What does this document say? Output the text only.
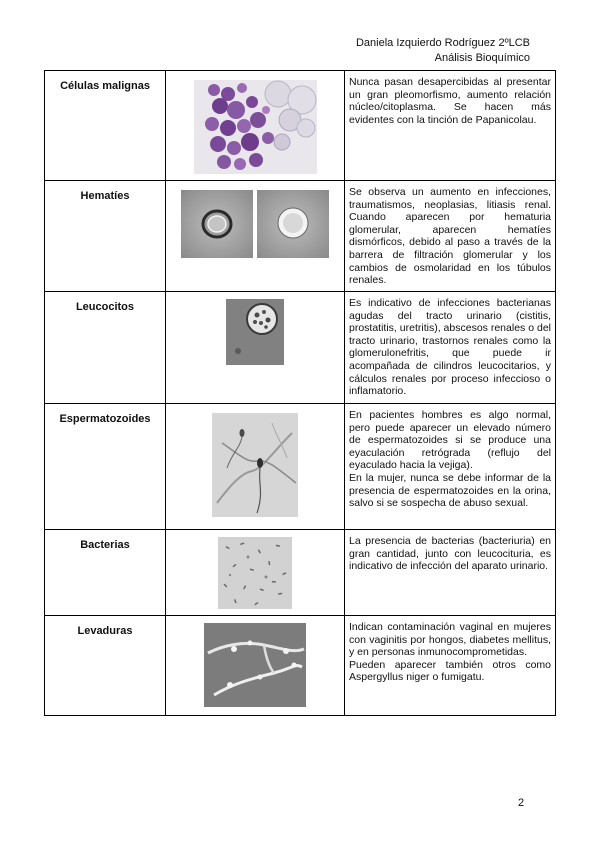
Daniela Izquierdo Rodríguez 2ºLCB
Análisis Bioquímico
Células malignas		Nunca pasan desapercibidas al presentar un gran pleomorfismo, aumento relación núcleo/citoplasma. Se hacen más evidentes con la tinción de Papanicolau.

Hematíes		Se observa un aumento en infecciones, traumatismos, neoplasias, litiasis renal. Cuando aparecen por hematuria glomerular, aparecen hematíes dismórficos, debido al paso a través de la barrera de filtración glomerular y los cambios de osmolaridad en los túbulos renales.

Leucocitos		Es indicativo de infecciones bacterianas agudas del tracto urinario (cistitis, prostatitis, uretritis), abscesos renales o del tracto urinario, trastornos renales como la glomerulonefritis, que puede ir acompañada de cilindros leucocitarios, y cálculos renales por proceso infeccioso o inflamatorio.

Espermatozoides		En pacientes hombres es algo normal, pero puede aparecer un elevado número de espermatozoides si se produce una eyaculación retrógrada (reflujo del eyaculado hacia la vejiga).
En la mujer, nunca se debe informar de la presencia de espermatozoides en la orina, salvo si se sospecha de abuso sexual.

Bacterias		La presencia de bacterias (bacteriuria) en gran cantidad, junto con leucocituria, es indicativo de infección del aparato urinario.

Levaduras		Indican contaminación vaginal en mujeres con vaginitis por hongos, diabetes mellitus, y en personas inmunocomprometidas.
Pueden aparecer también otros como Aspergyllus niger o fumigatu.
2
